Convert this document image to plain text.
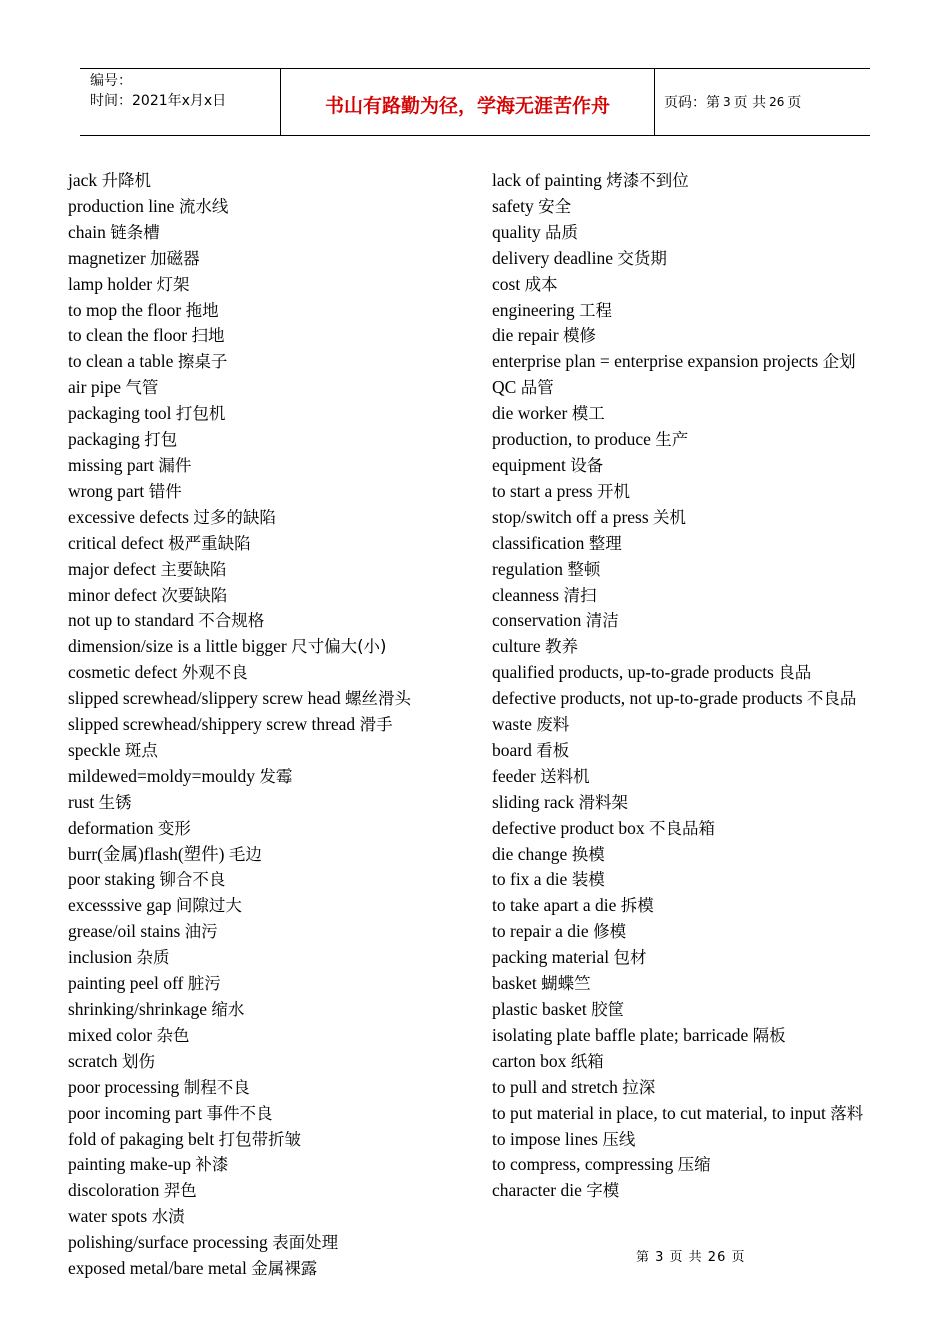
编号：
时间：2021年x月x日	书山有路勤为径，学海无涯苦作舟	页码：第 3 页 共 26 页

jack 升降机

production line 流水线

chain 链条槽

magnetizer 加磁器

lamp holder 灯架

to mop the floor 拖地

to clean the floor 扫地

to clean a table 擦桌子

air pipe 气管

packaging tool 打包机

packaging 打包

missing part 漏件

wrong part 错件

excessive defects 过多的缺陷

critical defect 极严重缺陷

major defect 主要缺陷

minor defect 次要缺陷

not up to standard 不合规格

dimension/size is a little bigger 尺寸偏大(小)

cosmetic defect 外观不良

slipped screwhead/slippery screw head 螺丝滑头

slipped screwhead/shippery screw thread 滑手

speckle 斑点

mildewed=moldy=mouldy 发霉

rust 生锈

deformation 变形

burr(金属)flash(塑件) 毛边

poor staking 铆合不良

excesssive gap 间隙过大

grease/oil stains 油污

inclusion 杂质

painting peel off 脏污

shrinking/shrinkage 缩水

mixed color 杂色

scratch 划伤

poor processing 制程不良

poor incoming part 事件不良

fold of pakaging belt 打包带折皱

painting make-up 补漆

discoloration 羿色

water spots 水渍

polishing/surface processing 表面处理

exposed metal/bare metal 金属裸露

lack of painting 烤漆不到位

safety 安全

quality 品质

delivery deadline 交货期

cost 成本

engineering 工程

die repair 模修

enterprise plan = enterprise expansion projects 企划

QC 品管

die worker 模工

production, to produce 生产

equipment 设备

to start a press 开机

stop/switch off a press 关机

classification 整理

regulation 整顿

cleanness 清扫

conservation 清洁

culture 教养

qualified products, up-to-grade products 良品

defective products, not up-to-grade products 不良品

waste 废料

board 看板

feeder 送料机

sliding rack 滑料架

defective product box 不良品箱

die change 换模

to fix a die 装模

to take apart a die 拆模

to repair a die 修模

packing material 包材

basket 蝴蝶竺

plastic basket 胶筐

isolating plate baffle plate; barricade 隔板

carton box 纸箱

to pull and stretch 拉深

to put material in place, to cut material, to input 落料

to impose lines 压线

to compress, compressing 压缩

character die 字模

第 3 页 共 26 页
